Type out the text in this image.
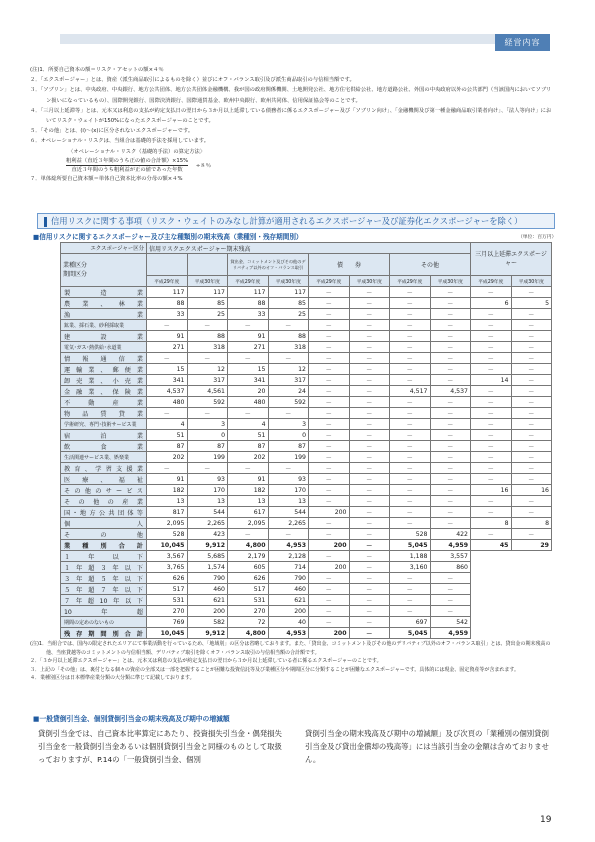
経営内容
(注)1．所要自己資本の額＝リスク・アセットの額×４％
２．「エクスポージャー」とは、資産（派生商品取引によるものを除く）並びにオフ・バランス取引及び派生商品取引の与信相当額です。
３．「ソブリン」とは、中央政府、中央銀行、地方公共団体、地方公共団体金融機構、我が国の政府関係機関、土地開発公社、地方住宅供給公社、地方道路公社、外国の中央政府以外の公共部門（当該国内においてソブリン扱いになっているもの）、国際開発銀行、国際決済銀行、国際通貨基金、欧州中央銀行、欧州共同体、信用保証協会等のことです。
４．「三月以上延滞等」とは、元本又は利息の支払が約定支払日の翌日から３か月以上延滞している債務者に係るエクスポージャー及び「ソブリン向け」、「金融機関及び第一種金融商品取引業者向け」、「法人等向け」においてリスク・ウェイトが150%になったエクスポージャーのことです。
５．「その他」とは、(ⅰ)〜(ⅹ)に区分されないエクスポージャーです。
６．オペレーショナル・リスクは、当組合は基礎的手法を採用しています。
〈オペレーショナル・リスク（基礎的手法）の算定方法〉
$\frac{\text{粗利益（直近３年間のうち正の値の合計額）×15\%}}{\text{直近３年間のうち粗利益が正の値であった年数}} \div 8$％
７．単体総所要自己資本額＝単体自己資本比率の分母の額×４%
信用リスクに関する事項（リスク・ウェイトのみなし計算が適用されるエクスポージャー及び証券化エクスポージャーを除く）
■信用リスクに関するエクスポージャー及び主な種類別の期末残高（業種別・残存期間別）	（単位：百万円）
エクスポージャー区分	信用リスクエクスポージャー期末残高								三月以上延滞エクスポージャー	

業種区分
期間区分			貸出金、コミットメント及びその他のデリバティブ以外のオフ・バランス取引		債　　券		その他			
	平成29年度	平成30年度	平成29年度	平成30年度	平成29年度	平成30年度	平成29年度	平成30年度	平成29年度	平成30年度
製造業	117	117	117	117	－	－	－	－	－	－
農業、林業	88	85	88	85	－	－	－	－	6	5
漁業	33	25	33	25	－	－	－	－	－	－
鉱業、採石業、砂利採取業	－	－	－	－	－	－	－	－	－	－
建設業	91	88	91	88	－	－	－	－	－	－
電気･ガス･熱供給･水道業	271	318	271	318	－	－	－	－	－	－
情報通信業	－	－	－	－	－	－	－	－	－	－
運輸業、郵便業	15	12	15	12	－	－	－	－	－	－
卸売業、小売業	341	317	341	317	－	－	－	－	14	－
金融業、保険業	4,537	4,561	20	24	－	－	4,517	4,537	－	－
不動産業	480	592	480	592	－	－	－	－	－	－
物品賃貸業	－	－	－	－	－	－	－	－	－	－
学術研究、専門･技術サービス業	4	3	4	3	－	－	－	－	－	－
宿泊業	51	0	51	0	－	－	－	－	－	－
飲食業	87	87	87	87	－	－	－	－	－	－
生活関連サービス業、娯楽業	202	199	202	199	－	－	－	－	－	－
教育、学習支援業	－	－	－	－	－	－	－	－	－	－
医療、福祉	91	93	91	93	－	－	－	－	－	－
その他のサービス	182	170	182	170	－	－	－	－	16	16
その他の産業	13	13	13	13	－	－	－	－	－	－
国･地方公共団体等	817	544	617	544	200	－	－	－	－	－
個人	2,095	2,265	2,095	2,265	－	－	－	－	8	8
その他	528	423	－	－	－	－	528	422	－	－
業種別合計	10,045	9,912	4,800	4,953	200	－	5,045	4,959	45	29
１年以下	3,567	5,685	2,179	2,128	－	－	1,188	3,557		
１年超３年以下	3,765	1,574	605	714	200	－	3,160	860		
３年超５年以下	626	790	626	790	－	－	－	－		
５年超７年以下	517	460	517	460	－	－	－	－		
７年超10年以下	531	621	531	621	－	－	－	－		
10年超	270	200	270	200	－	－	－	－		
期間の定めのないもの	769	582	72	40	－	－	697	542		
残存期間別合計	10,045	9,912	4,800	4,953	200	－	5,045	4,959		
(注)1．当組合では、国内の限定されたエリアにて事業活動を行っているため、「地域別」の区分は省略しております。また、「貸出金、コミットメント及びその他のデリバティブ以外のオフ・バランス取引」とは、貸出金の期末残高の他、当座貸越等のコミットメントの与信相当額、デリバティブ取引を除くオフ・バランス取引の与信相当額の合計額です。
２．「３か月以上延滞エクスポージャー」とは、元本又は利息の支払が約定支払日の翌日から３か月以上延滞している者に係るエクスポージャーのことです。
３．上記の「その他」は、裏付となる個々の資産の全部又は一部を把握することが困難な投資信託等及び業種区分や期間区分に分類することが困難なエクスポージャーです。具体的には現金、固定資産等が含まれます。
４．業種別区分は日本標準産業分類の大分類に準じて記載しております。
■一般貸倒引当金、個別貸倒引当金の期末残高及び期中の増減額
貸倒引当金では、自己資本比率算定にあたり、投資損失引当金・偶発損失引当金を一般貸倒引当金あるいは個別貸倒引当金と同様のものとして取扱っておりますが、P.14の「一般貸倒引当金、個別
貸倒引当金の期末残高及び期中の増減額」及び次頁の「業種別の個別貸倒引当金及び貸出金償却の残高等」には当該引当金の金額は含めておりません。
19
